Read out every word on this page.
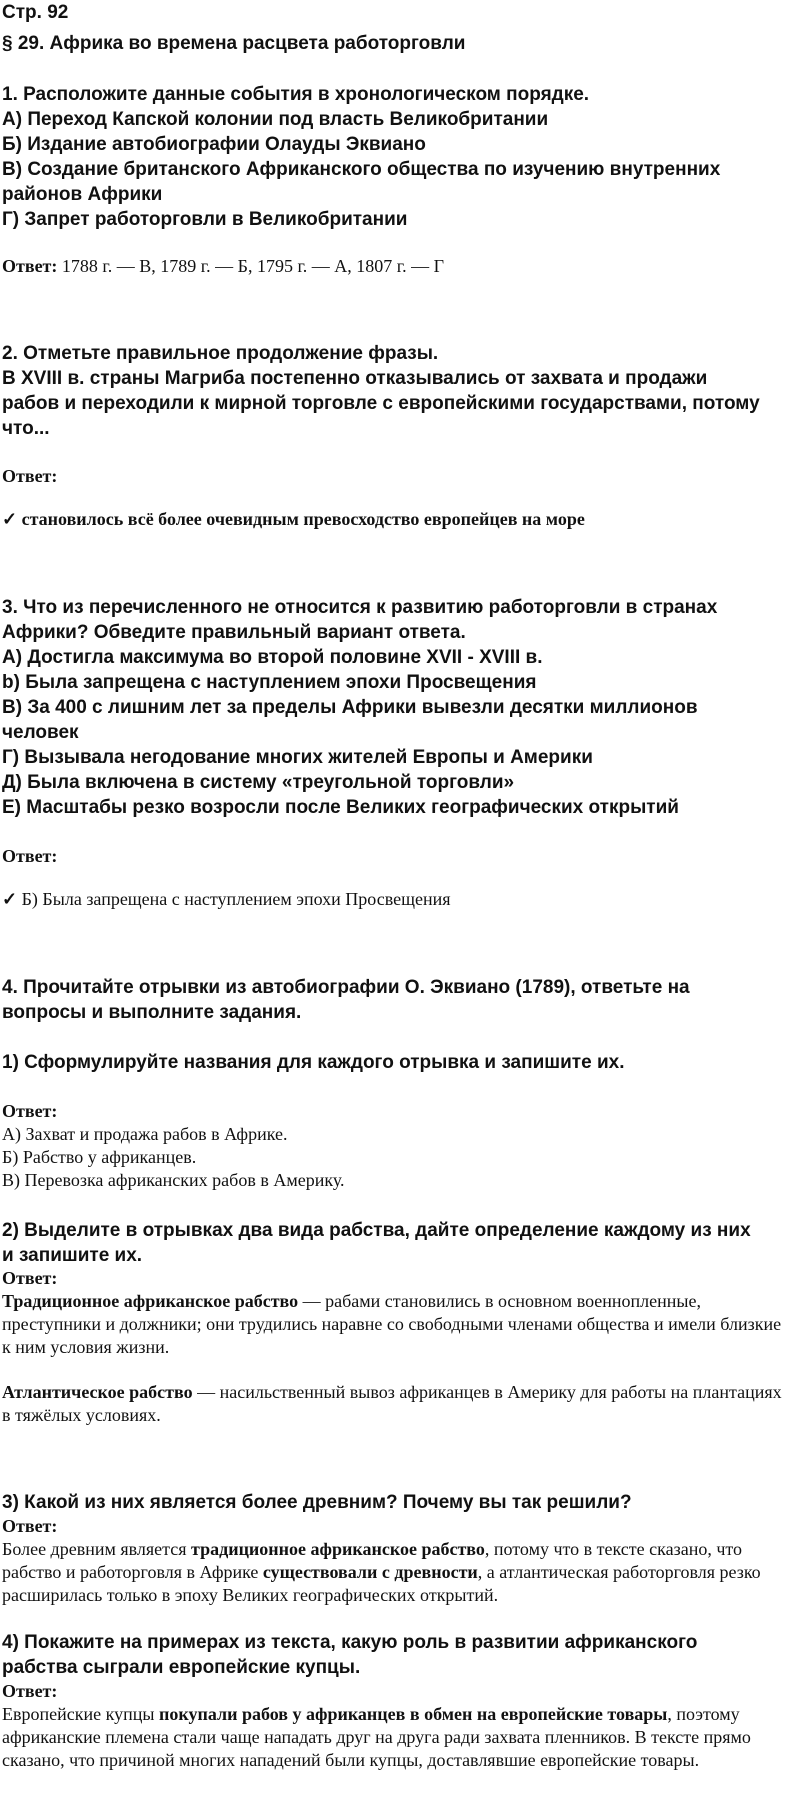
Стр. 92
§ 29. Африка во времена расцвета работорговли
1. Расположите данные события в хронологическом порядке.
А) Переход Капской колонии под власть Великобритании
Б) Издание автобиографии Олауды Эквиано
В) Создание британского Африканского общества по изучению внутренних
районов Африки
Г) Запрет работорговли в Великобритании
Ответ: 1788 г. — В, 1789 г. — Б, 1795 г. — А, 1807 г. — Г
2. Отметьте правильное продолжение фразы.
В XVIII в. страны Магриба постепенно отказывались от захвата и продажи
рабов и переходили к мирной торговле с европейскими государствами, потому
что...
Ответ:
✓ становилось всё более очевидным превосходство европейцев на море
3. Что из перечисленного не относится к развитию работорговли в странах
Африки? Обведите правильный вариант ответа.
А) Достигла максимума во второй половине XVII - XVIII в.
b) Была запрещена с наступлением эпохи Просвещения
В) За 400 с лишним лет за пределы Африки вывезли десятки миллионов
человек
Г) Вызывала негодование многих жителей Европы и Америки
Д) Была включена в систему «треугольной торговли»
Е) Масштабы резко возросли после Великих географических открытий
Ответ:
✓ Б) Была запрещена с наступлением эпохи Просвещения
4. Прочитайте отрывки из автобиографии О. Эквиано (1789), ответьте на
вопросы и выполните задания.
1) Сформулируйте названия для каждого отрывка и запишите их.
Ответ:
А) Захват и продажа рабов в Африке.
Б) Рабство у африканцев.
В) Перевозка африканских рабов в Америку.
2) Выделите в отрывках два вида рабства, дайте определение каждому из них
и запишите их.
Ответ:
Традиционное африканское рабство — рабами становились в основном военнопленные, преступники и должники; они трудились наравне со свободными членами общества и имели близкие к ним условия жизни.
Атлантическое рабство — насильственный вывоз африканцев в Америку для работы на плантациях в тяжёлых условиях.
3) Какой из них является более древним? Почему вы так решили?
Ответ:
Более древним является традиционное африканское рабство, потому что в тексте сказано, что рабство и работорговля в Африке существовали с древности, а атлантическая работорговля резко расширилась только в эпоху Великих географических открытий.
4) Покажите на примерах из текста, какую роль в развитии африканского
рабства сыграли европейские купцы.
Ответ:
Европейские купцы покупали рабов у африканцев в обмен на европейские товары, поэтому африканские племена стали чаще нападать друг на друга ради захвата пленников. В тексте прямо сказано, что причиной многих нападений были купцы, доставлявшие европейские товары.
